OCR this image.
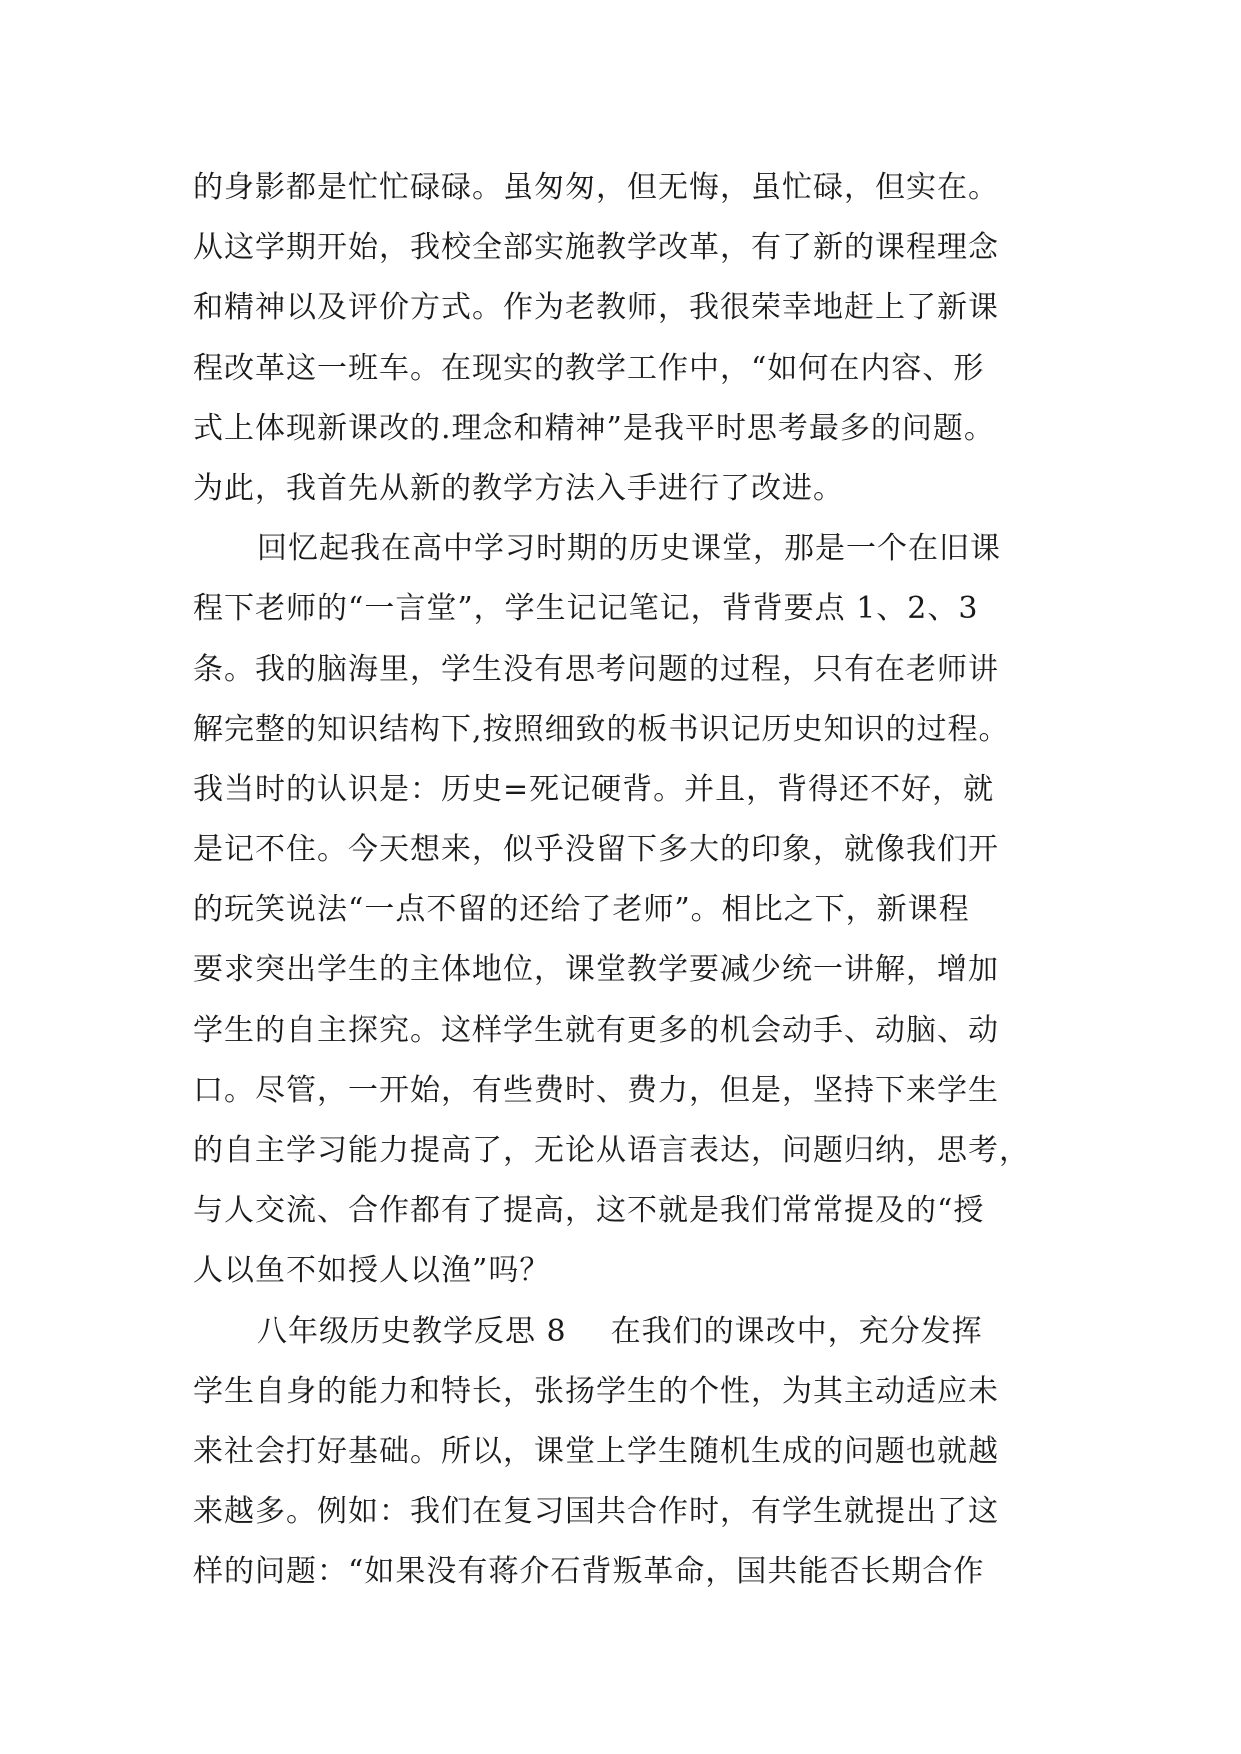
的身影都是忙忙碌碌。虽匆匆，但无悔，虽忙碌，但实在。
从这学期开始，我校全部实施教学改革，有了新的课程理念
和精神以及评价方式。作为老教师，我很荣幸地赶上了新课
程改革这一班车。在现实的教学工作中，“如何在内容、形
式上体现新课改的.理念和精神”是我平时思考最多的问题。
为此，我首先从新的教学方法入手进行了改进。
回忆起我在高中学习时期的历史课堂，那是一个在旧课
程下老师的“一言堂”，学生记记笔记，背背要点 1、2、3
条。我的脑海里，学生没有思考问题的过程，只有在老师讲
解完整的知识结构下,按照细致的板书识记历史知识的过程。
我当时的认识是：历史=死记硬背。并且，背得还不好，就
是记不住。今天想来，似乎没留下多大的印象，就像我们开
的玩笑说法“一点不留的还给了老师”。相比之下，新课程
要求突出学生的主体地位，课堂教学要减少统一讲解，增加
学生的自主探究。这样学生就有更多的机会动手、动脑、动
口。尽管，一开始，有些费时、费力，但是，坚持下来学生
的自主学习能力提高了，无论从语言表达，问题归纳，思考，
与人交流、合作都有了提高，这不就是我们常常提及的“授
人以鱼不如授人以渔”吗？
八年级历史教学反思 8 在我们的课改中，充分发挥
学生自身的能力和特长，张扬学生的个性，为其主动适应未
来社会打好基础。所以，课堂上学生随机生成的问题也就越
来越多。例如：我们在复习国共合作时，有学生就提出了这
样的问题：“如果没有蒋介石背叛革命，国共能否长期合作
